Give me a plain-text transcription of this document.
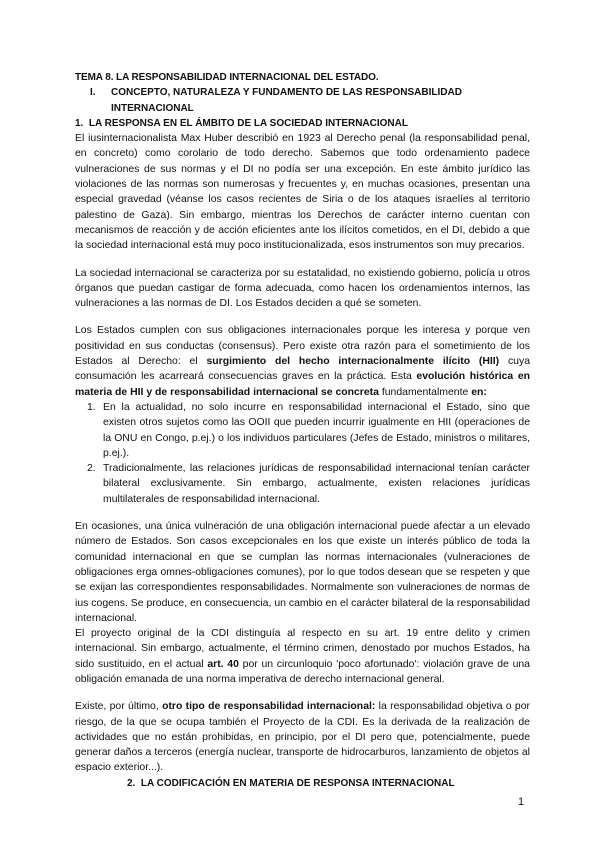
TEMA 8. LA RESPONSABILIDAD INTERNACIONAL DEL ESTADO.

I. CONCEPTO, NATURALEZA Y FUNDAMENTO DE LAS RESPONSABILIDAD INTERNACIONAL

1.  LA RESPONSA EN EL ÁMBITO DE LA SOCIEDAD INTERNACIONAL

El iusinternacionalista Max Huber describió en 1923 al Derecho penal (la responsabilidad penal, en concreto) como corolario de todo derecho. Sabemos que todo ordenamiento padece vulneraciones de sus normas y el DI no podía ser una excepción. En este ámbito jurídico las violaciones de las normas son numerosas y frecuentes y, en muchas ocasiones, presentan una especial gravedad (véanse los casos recientes de Siria o de los ataques israelíes al territorio palestino de Gaza). Sin embargo, mientras los Derechos de carácter interno cuentan con mecanismos de reacción y de acción eficientes ante los ilícitos cometidos, en el DI, debido a que la sociedad internacional está muy poco institucionalizada, esos instrumentos son muy precarios.

La sociedad internacional se caracteriza por su estatalidad, no existiendo gobierno, policía u otros órganos que puedan castigar de forma adecuada, como hacen los ordenamientos internos, las vulneraciones a las normas de DI. Los Estados deciden a qué se someten.

Los Estados cumplen con sus obligaciones internacionales porque les interesa y porque ven positividad en sus conductas (consensus). Pero existe otra razón para el sometimiento de los Estados al Derecho: el surgimiento del hecho internacionalmente ilícito (HII) cuya consumación les acarreará consecuencias graves en la práctica. Esta evolución histórica en materia de HII y de responsabilidad internacional se concreta fundamentalmente en:

1. En la actualidad, no solo incurre en responsabilidad internacional el Estado, sino que existen otros sujetos como las OOII que pueden incurrir igualmente en HII (operaciones de la ONU en Congo, p.ej.) o los individuos particulares (Jefes de Estado, ministros o militares, p.ej.).
2. Tradicionalmente, las relaciones jurídicas de responsabilidad internacional tenían carácter bilateral exclusivamente. Sin embargo, actualmente, existen relaciones jurídicas multilaterales de responsabilidad internacional.

En ocasiones, una única vulneración de una obligación internacional puede afectar a un elevado número de Estados. Son casos excepcionales en los que existe un interés público de toda la comunidad internacional en que se cumplan las normas internacionales (vulneraciones de obligaciones erga omnes-obligaciones comunes), por lo que todos desean que se respeten y que se exijan las correspondientes responsabilidades. Normalmente son vulneraciones de normas de ius cogens. Se produce, en consecuencia, un cambio en el carácter bilateral de la responsabilidad internacional.

El proyecto original de la CDI distinguía al respecto en su art. 19 entre delito y crimen internacional. Sin embargo, actualmente, el término crimen, denostado por muchos Estados, ha sido sustituido, en el actual art. 40 por un circunloquio 'poco afortunado': violación grave de una obligación emanada de una norma imperativa de derecho internacional general.

Existe, por último, otro tipo de responsabilidad internacional: la responsabilidad objetiva o por riesgo, de la que se ocupa también el Proyecto de la CDI. Es la derivada de la realización de actividades que no están prohibidas, en principio, por el DI pero que, potencialmente, puede generar daños a terceros (energía nuclear, transporte de hidrocarburos, lanzamiento de objetos al espacio exterior...).

2.  LA CODIFICACIÓN EN MATERIA DE RESPONSA INTERNACIONAL

1
